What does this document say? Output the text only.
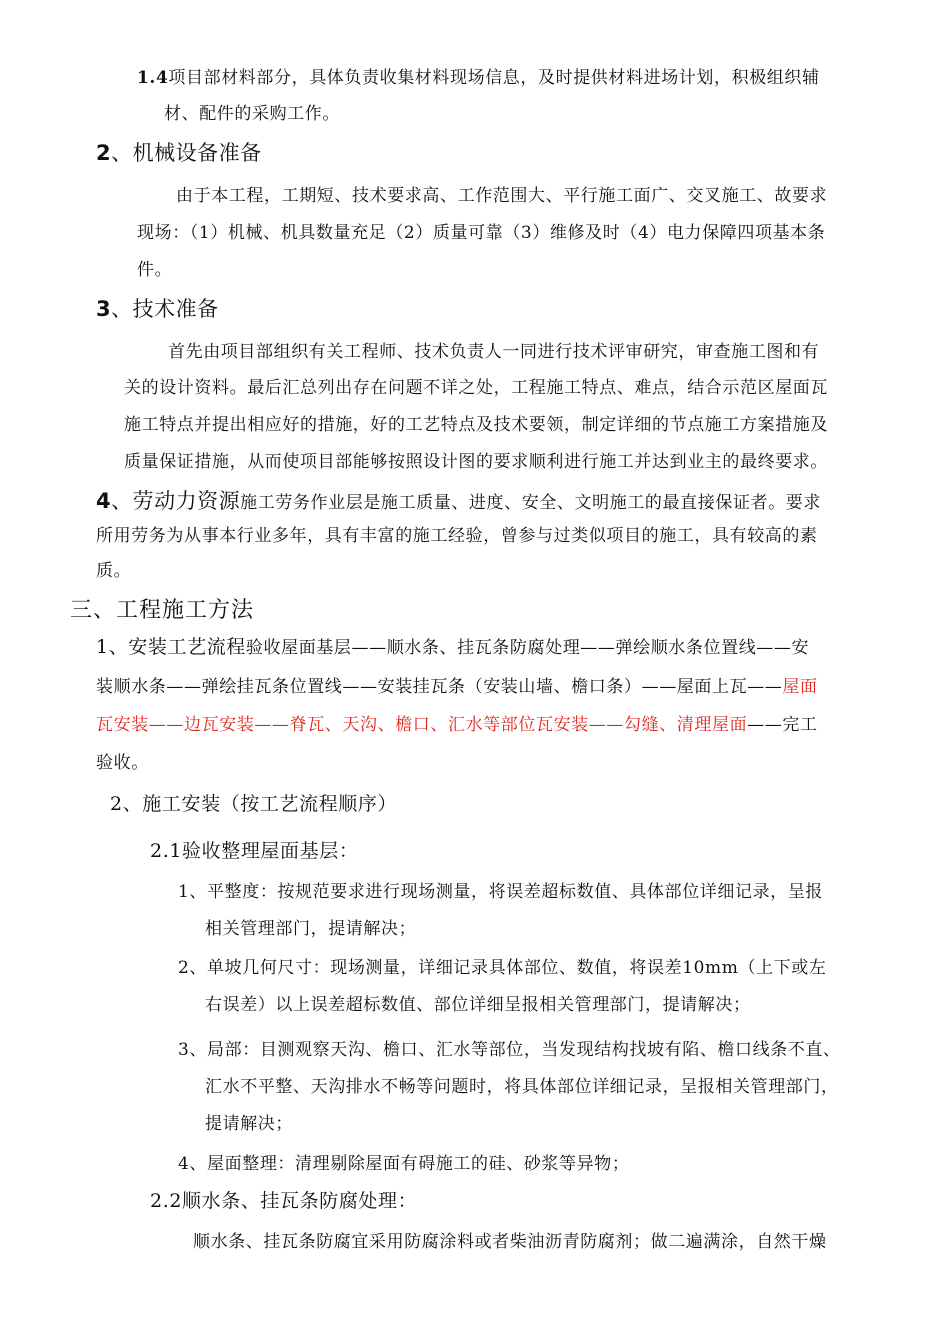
1.4项目部材料部分，具体负责收集材料现场信息，及时提供材料进场计划，积极组织辅
材、配件的采购工作。
2、机械设备准备
由于本工程，工期短、技术要求高、工作范围大、平行施工面广、交叉施工、故要求
现场：（1）机械、机具数量充足（2）质量可靠（3）维修及时（4）电力保障四项基本条
件。
3、技术准备
首先由项目部组织有关工程师、技术负责人一同进行技术评审研究，审查施工图和有
关的设计资料。最后汇总列出存在问题不详之处，工程施工特点、难点，结合示范区屋面瓦
施工特点并提出相应好的措施，好的工艺特点及技术要领，制定详细的节点施工方案措施及
质量保证措施，从而使项目部能够按照设计图的要求顺利进行施工并达到业主的最终要求。
4、劳动力资源施工劳务作业层是施工质量、进度、安全、文明施工的最直接保证者。要求
所用劳务为从事本行业多年，具有丰富的施工经验，曾参与过类似项目的施工，具有较高的素
质。
三、工程施工方法
1、安装工艺流程验收屋面基层——顺水条、挂瓦条防腐处理——弹绘顺水条位置线——安
装顺水条——弹绘挂瓦条位置线——安装挂瓦条（安装山墙、檐口条）——屋面上瓦——屋面
瓦安装——边瓦安装——脊瓦、天沟、檐口、汇水等部位瓦安装——勾缝、清理屋面——完工
验收。
2、施工安装（按工艺流程顺序）
2.1验收整理屋面基层：
1、平整度：按规范要求进行现场测量，将误差超标数值、具体部位详细记录，呈报
相关管理部门，提请解决；
2、单坡几何尺寸：现场测量，详细记录具体部位、数值，将误差10mm（上下或左
右误差）以上误差超标数值、部位详细呈报相关管理部门，提请解决；
3、局部：目测观察天沟、檐口、汇水等部位，当发现结构找坡有陷、檐口线条不直、
汇水不平整、天沟排水不畅等问题时，将具体部位详细记录，呈报相关管理部门，
提请解决；
4、屋面整理：清理剔除屋面有碍施工的硅、砂浆等异物；
2.2顺水条、挂瓦条防腐处理：
顺水条、挂瓦条防腐宜采用防腐涂料或者柴油沥青防腐剂；做二遍满涂，自然干燥
